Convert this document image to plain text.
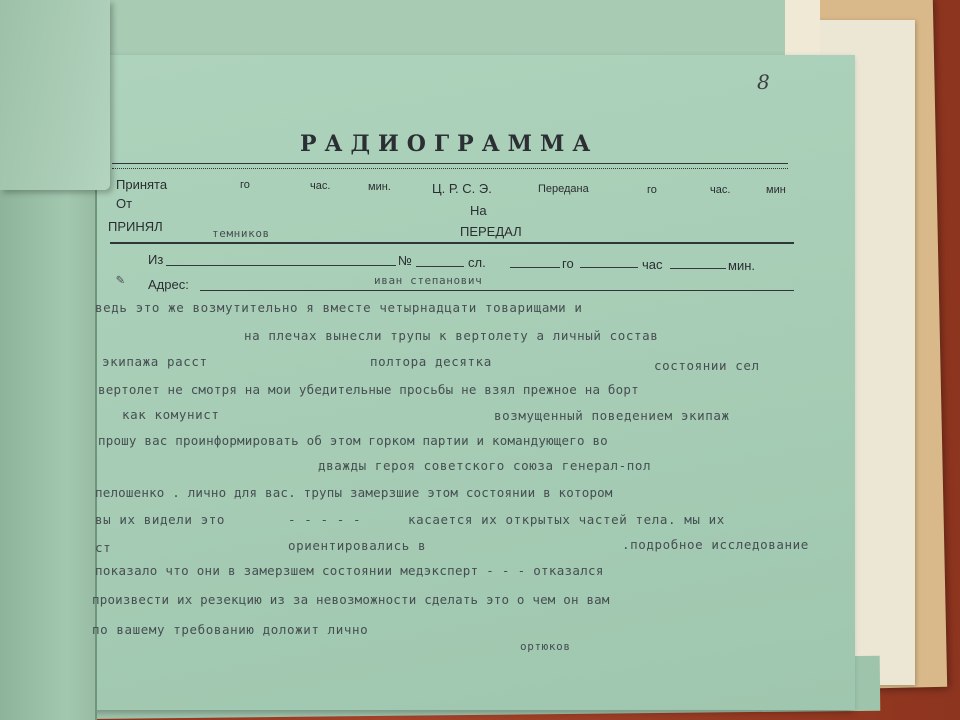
8
РАДИОГРАММА
Принята	го	час.	мин.	Ц. Р. С. Э.	Передана	го	час.	мин
От	На
ПРИНЯЛ	темников	ПЕРЕДАЛ
Из	№	сл.	го	час	мин.
✎	Адрес:	иван степанович
ведь это же возмутительно я вместе четырнадцати товарищами и
на плечах вынесли трупы к вертолету а личный состав
экипажа расст	полтора десятка	состоянии сел
вертолет не смотря на мои убедительные просьбы не взял прежное на борт
как комунист	возмущенный поведением экипаж
прошу вас проинформировать об этом горком партии и командующего во
дважды героя советского союза генерал-пол
пелошенко . лично для вас. трупы замерзшие этом состоянии в котором
вы их видели это	- - - - -	касается их открытых частей тела. мы их
ст	ориентировались в	.подробное исследование
показало что они в замерзшем состоянии медэксперт - - - отказался
произвести их резекцию из за невозможности сделать это о чем он вам
по вашему требованию доложит лично
ортюков
